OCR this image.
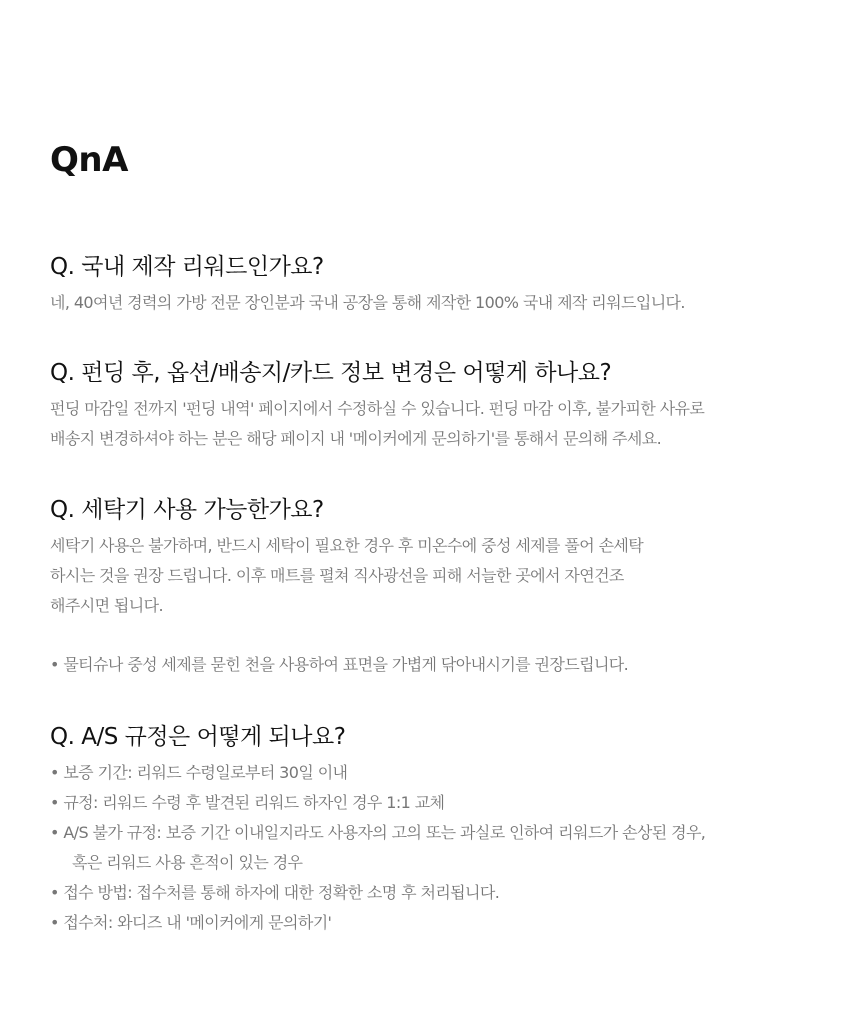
QnA
Q. 국내 제작 리워드인가요?
네, 40여년 경력의 가방 전문 장인분과 국내 공장을 통해 제작한 100% 국내 제작 리워드입니다.
Q. 펀딩 후, 옵션/배송지/카드 정보 변경은 어떻게 하나요?
펀딩 마감일 전까지 '펀딩 내역' 페이지에서 수정하실 수 있습니다. 펀딩 마감 이후, 불가피한 사유로
배송지 변경하셔야 하는 분은 해당 페이지 내 '메이커에게 문의하기'를 통해서 문의해 주세요.
Q. 세탁기 사용 가능한가요?
세탁기 사용은 불가하며, 반드시 세탁이 필요한 경우 후 미온수에 중성 세제를 풀어 손세탁
하시는 것을 권장 드립니다. 이후 매트를 펼쳐 직사광선을 피해 서늘한 곳에서 자연건조
해주시면 됩니다.
• 물티슈나 중성 세제를 묻힌 천을 사용하여 표면을 가볍게 닦아내시기를 권장드립니다.
Q. A/S 규정은 어떻게 되나요?
• 보증 기간: 리워드 수령일로부터 30일 이내
• 규정: 리워드 수령 후 발견된 리워드 하자인 경우 1:1 교체
• A/S 불가 규정: 보증 기간 이내일지라도 사용자의 고의 또는 과실로 인하여 리워드가 손상된 경우,
혹은 리워드 사용 흔적이 있는 경우
• 접수 방법: 접수처를 통해 하자에 대한 정확한 소명 후 처리됩니다.
• 접수처: 와디즈 내 '메이커에게 문의하기'
